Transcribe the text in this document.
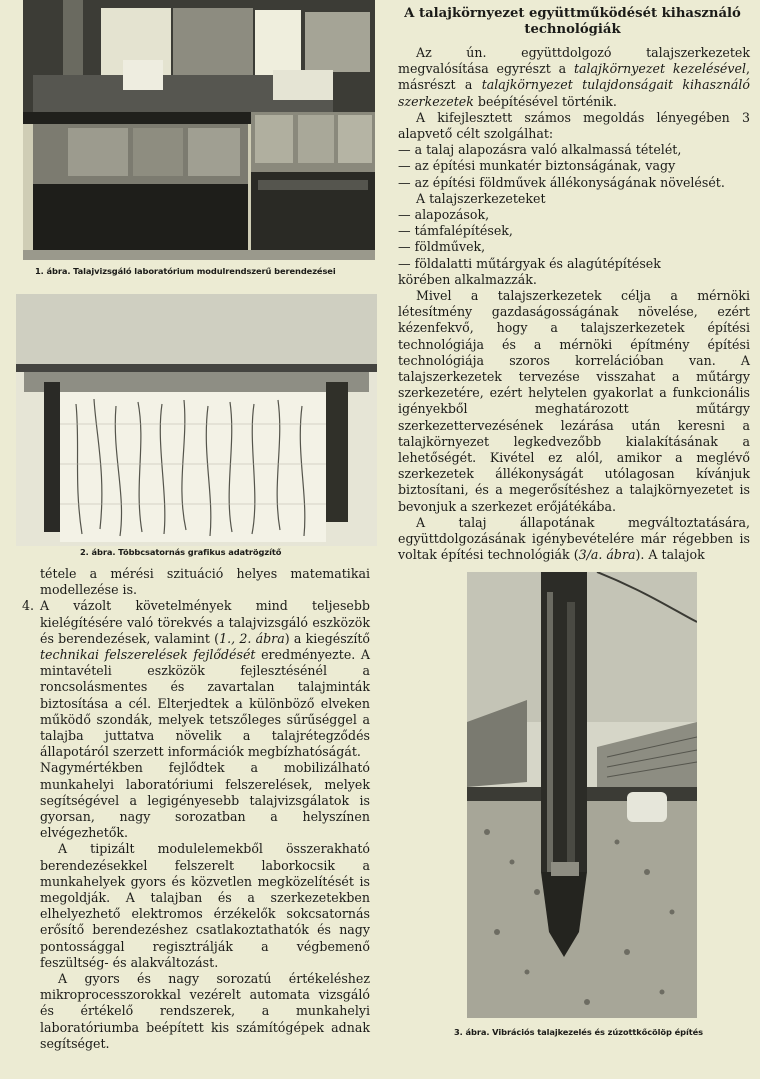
1. ábra. Talajvizsgáló laboratórium modulrendszerű berendezései
2. ábra. Többcsatornás grafikus adatrögzítő

tétele a mérési szituáció helyes matematikai modellezése is.

4. A vázolt követelmények mind teljesebb kielégítésére való törekvés a talajvizsgáló eszközök és berendezések, valamint (1., 2. ábra) a kiegészítő technikai felszerelések fejlődését eredményezte. A mintavételi eszközök fejlesztésénél a roncsolásmentes és zavartalan talajminták biztosítása a cél. Elterjedtek a különböző elveken működő szondák, melyek tetszőleges sűrűséggel a talajba juttatva növelik a talajrétegződés állapotáról szerzett információk megbízhatóságát.

Nagymértékben fejlődtek a mobilizálható munkahelyi laboratóriumi felszerelések, melyek segítségével a legigényesebb talajvizsgálatok is gyorsan, nagy sorozatban a helyszínen elvégezhetők.

A tipizált modulelemekből összerakható berendezésekkel felszerelt laborkocsik a munkahelyek gyors és közvetlen megközelítését is megoldják. A talajban és a szerkezetekben elhelyezhető elektromos érzékelők sokcsatornás erősítő berendezéshez csatlakoztathatók és nagy pontossággal regisztrálják a végbemenő feszültség- és alakváltozást.

A gyors és nagy sorozatú értékeléshez mikroprocesszorokkal vezérelt automata vizsgáló és értékelő rendszerek, a munkahelyi laboratóriumba beépített kis számítógépek adnak segítséget.

A talajkörnyezet együttműködését kihasználó technológiák

Az ún. együttdolgozó talajszerkezetek megvalósítása egyrészt a talajkörnyezet kezelésével, másrészt a talajkörnyezet tulajdonságait kihasználó szerkezetek beépítésével történik.

A kifejlesztett számos megoldás lényegében 3 alapvető célt szolgálhat:

— a talaj alapozásra való alkalmassá tételét,
— az építési munkatér biztonságának, vagy
— az építési földművek állékonyságának növelését.

A talajszerkezeteket

— alapozások,
— támfalépítések,
— földművek,
— földalatti műtárgyak és alagútépítések

körében alkalmazzák.

Mivel a talajszerkezetek célja a mérnöki létesítmény gazdaságosságának növelése, ezért kézenfekvő, hogy a talajszerkezetek építési technológiája és a mérnöki építmény építési technológiája szoros korrelációban van. A talajszerkezetek tervezése visszahat a műtárgy szerkezetére, ezért helytelen gyakorlat a funkcionális igényekből meghatározott műtárgy szerkezettervezésének lezárása után keresni a talajkörnyezet legkedvezőbb kialakításának a lehetőségét. Kivétel ez alól, amikor a meglévő szerkezetek állékonyságát utólagosan kívánjuk biztosítani, és a megerősítéshez a talajkörnyezetet is bevonjuk a szerkezet erőjátékába.

A talaj állapotának megváltoztatására, együttdolgozásának igénybevételére már régebben is voltak építési technológiák (3/a. ábra). A talajok

3. ábra. Vibrációs talajkezelés és zúzottkőcölöp építés
